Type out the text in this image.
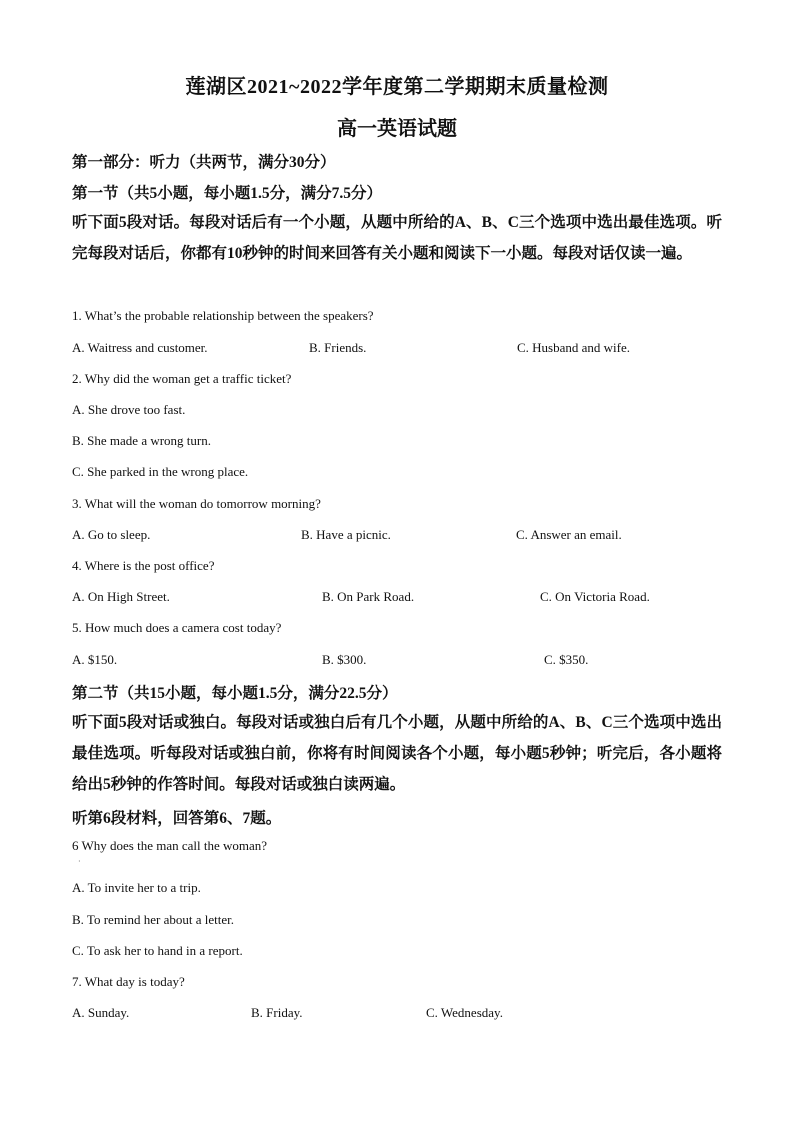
莲湖区2021~2022学年度第二学期期末质量检测
高一英语试题
第一部分：听力（共两节，满分30分）
第一节（共5小题，每小题1.5分，满分7.5分）
听下面5段对话。每段对话后有一个小题，从题中所给的A、B、C三个选项中选出最佳选项。听完每段对话后，你都有10秒钟的时间来回答有关小题和阅读下一小题。每段对话仅读一遍。
1. What’s the probable relationship between the speakers?
A. Waitress and customer.	B. Friends.	C. Husband and wife.
2. Why did the woman get a traffic ticket?
A. She drove too fast.
B. She made a wrong turn.
C. She parked in the wrong place.
3. What will the woman do tomorrow morning?
A. Go to sleep.	B. Have a picnic.	C. Answer an email.
4. Where is the post office?
A. On High Street.	B. On Park Road.	C. On Victoria Road.
5. How much does a camera cost today?
A. $150.	B. $300.	C. $350.
第二节（共15小题，每小题1.5分，满分22.5分）
听下面5段对话或独白。每段对话或独白后有几个小题，从题中所给的A、B、C三个选项中选出最佳选项。听每段对话或独白前，你将有时间阅读各个小题，每小题5秒钟；听完后，各小题将给出5秒钟的作答时间。每段对话或独白读两遍。
听第6段材料，回答第6、7题。
6 Why does the man call the woman?
·
A. To invite her to a trip.
B. To remind her about a letter.
C. To ask her to hand in a report.
7. What day is today?
A. Sunday.	B. Friday.	C. Wednesday.
